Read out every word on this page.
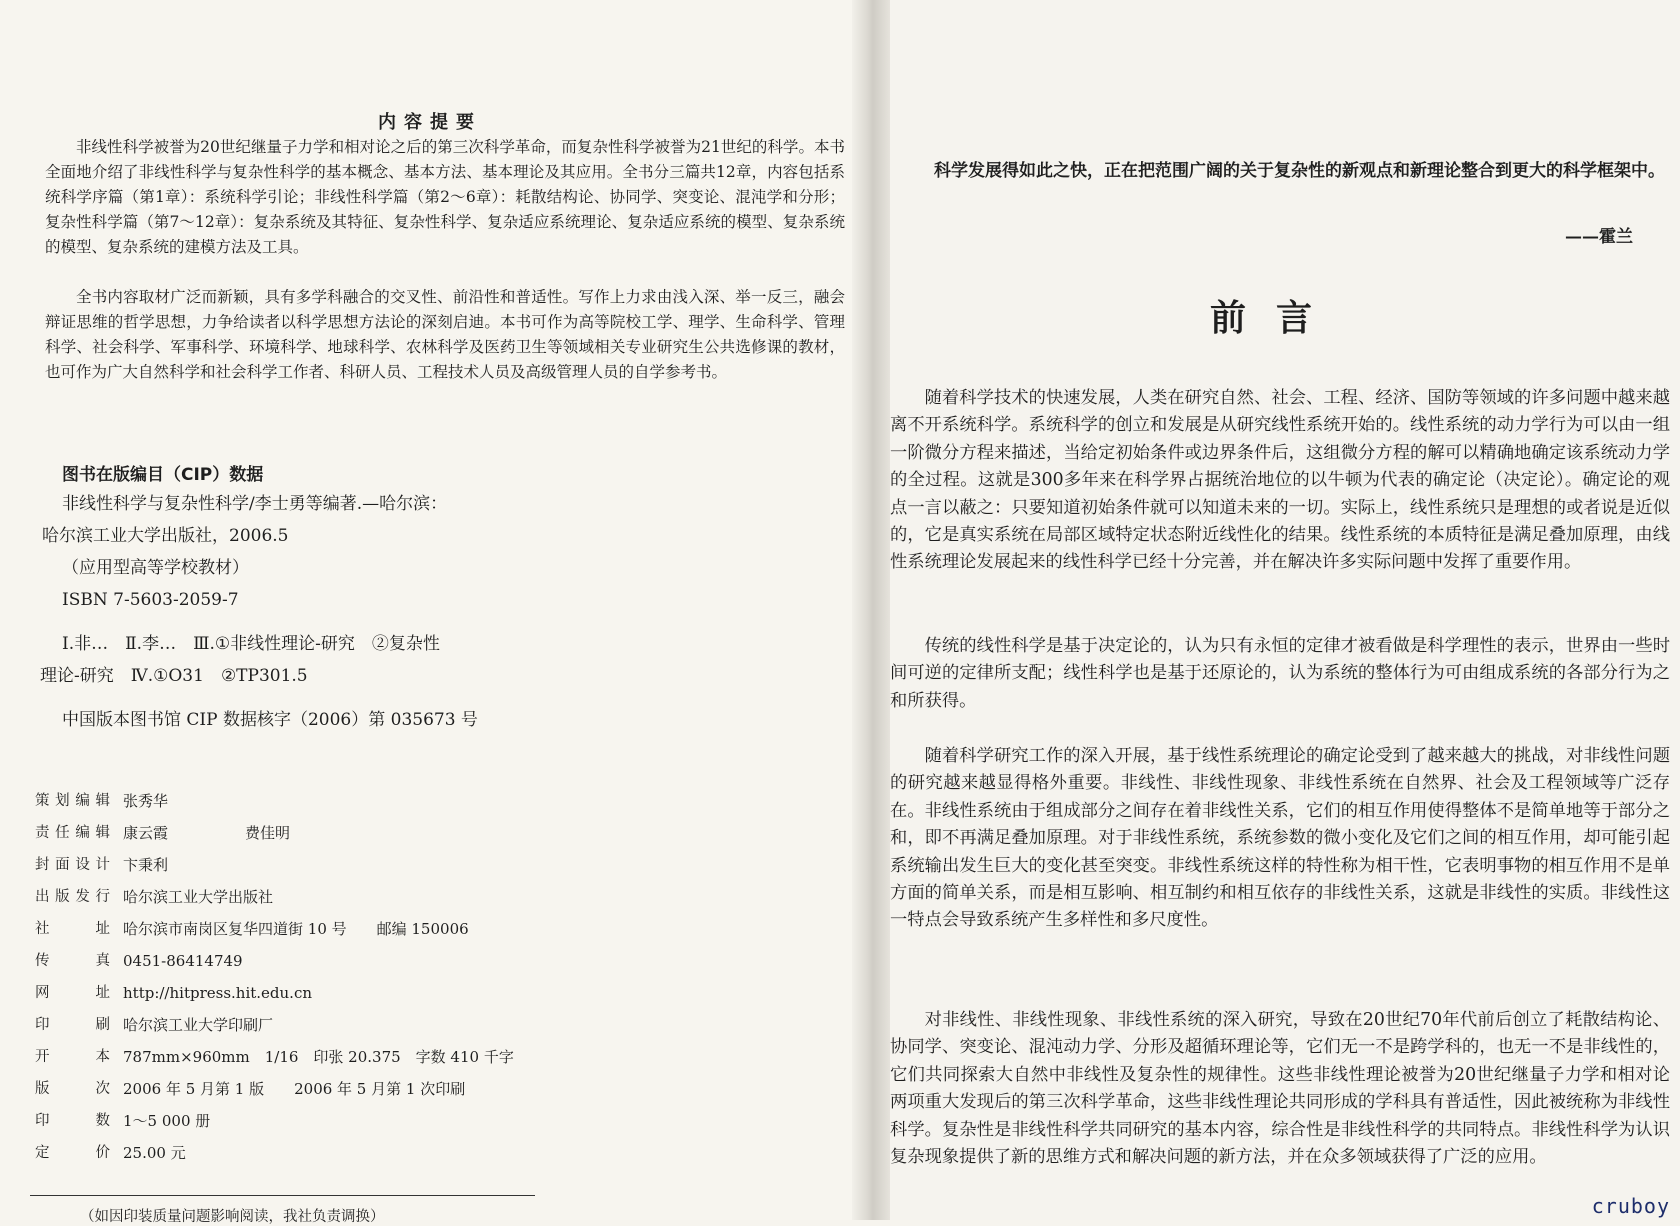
内容提要

非线性科学被誉为20世纪继量子力学和相对论之后的第三次科学革命，而复杂性科学被誉为21世纪的科学。本书全面地介绍了非线性科学与复杂性科学的基本概念、基本方法、基本理论及其应用。全书分三篇共12章，内容包括系统科学序篇（第1章）：系统科学引论；非线性科学篇（第2～6章）：耗散结构论、协同学、突变论、混沌学和分形；复杂性科学篇（第7～12章）：复杂系统及其特征、复杂性科学、复杂适应系统理论、复杂适应系统的模型、复杂系统的模型、复杂系统的建模方法及工具。

全书内容取材广泛而新颖，具有多学科融合的交叉性、前沿性和普适性。写作上力求由浅入深、举一反三，融会辩证思维的哲学思想，力争给读者以科学思想方法论的深刻启迪。本书可作为高等院校工学、理学、生命科学、管理科学、社会科学、军事科学、环境科学、地球科学、农林科学及医药卫生等领域相关专业研究生公共选修课的教材，也可作为广大自然科学和社会科学工作者、科研人员、工程技术人员及高级管理人员的自学参考书。

图书在版编目（CIP）数据
非线性科学与复杂性科学/李士勇等编著.—哈尔滨：
哈尔滨工业大学出版社，2006.5
（应用型高等学校教材）
ISBN 7-5603-2059-7
Ⅰ.非…　Ⅱ.李…　Ⅲ.①非线性理论-研究　②复杂性
理论-研究　Ⅳ.①O31　②TP301.5
中国版本图书馆 CIP 数据核字（2006）第 035673 号
策 划 编 辑 张秀华
责 任 编 辑 康云霞	费佳明
封 面 设 计 卞秉利
出 版 发 行 哈尔滨工业大学出版社
社	址 哈尔滨市南岗区复华四道街 10 号　　邮编 150006
传	真 0451-86414749
网	址 http://hitpress.hit.edu.cn
印	刷 哈尔滨工业大学印刷厂
开	本 787mm×960mm　1/16　印张 20.375　字数 410 千字
版	次 2006 年 5 月第 1 版　　2006 年 5 月第 1 次印刷
印	数 1～5 000 册
定	价 25.00 元
（如因印装质量问题影响阅读，我社负责调换）

科学发展得如此之快，正在把范围广阔的关于复杂性的新观点和新理论整合到更大的科学框架中。

——霍兰
前言

随着科学技术的快速发展，人类在研究自然、社会、工程、经济、国防等领域的许多问题中越来越离不开系统科学。系统科学的创立和发展是从研究线性系统开始的。线性系统的动力学行为可以由一组一阶微分方程来描述，当给定初始条件或边界条件后，这组微分方程的解可以精确地确定该系统动力学的全过程。这就是300多年来在科学界占据统治地位的以牛顿为代表的确定论（决定论）。确定论的观点一言以蔽之：只要知道初始条件就可以知道未来的一切。实际上，线性系统只是理想的或者说是近似的，它是真实系统在局部区域特定状态附近线性化的结果。线性系统的本质特征是满足叠加原理，由线性系统理论发展起来的线性科学已经十分完善，并在解决许多实际问题中发挥了重要作用。

传统的线性科学是基于决定论的，认为只有永恒的定律才被看做是科学理性的表示，世界由一些时间可逆的定律所支配；线性科学也是基于还原论的，认为系统的整体行为可由组成系统的各部分行为之和所获得。

随着科学研究工作的深入开展，基于线性系统理论的确定论受到了越来越大的挑战，对非线性问题的研究越来越显得格外重要。非线性、非线性现象、非线性系统在自然界、社会及工程领域等广泛存在。非线性系统由于组成部分之间存在着非线性关系，它们的相互作用使得整体不是简单地等于部分之和，即不再满足叠加原理。对于非线性系统，系统参数的微小变化及它们之间的相互作用，却可能引起系统输出发生巨大的变化甚至突变。非线性系统这样的特性称为相干性，它表明事物的相互作用不是单方面的简单关系，而是相互影响、相互制约和相互依存的非线性关系，这就是非线性的实质。非线性这一特点会导致系统产生多样性和多尺度性。

对非线性、非线性现象、非线性系统的深入研究，导致在20世纪70年代前后创立了耗散结构论、协同学、突变论、混沌动力学、分形及超循环理论等，它们无一不是跨学科的，也无一不是非线性的，它们共同探索大自然中非线性及复杂性的规律性。这些非线性理论被誉为20世纪继量子力学和相对论两项重大发现后的第三次科学革命，这些非线性理论共同形成的学科具有普适性，因此被统称为非线性科学。复杂性是非线性科学共同研究的基本内容，综合性是非线性科学的共同特点。非线性科学为认识复杂现象提供了新的思维方式和解决问题的新方法，并在众多领域获得了广泛的应用。

cruboy
